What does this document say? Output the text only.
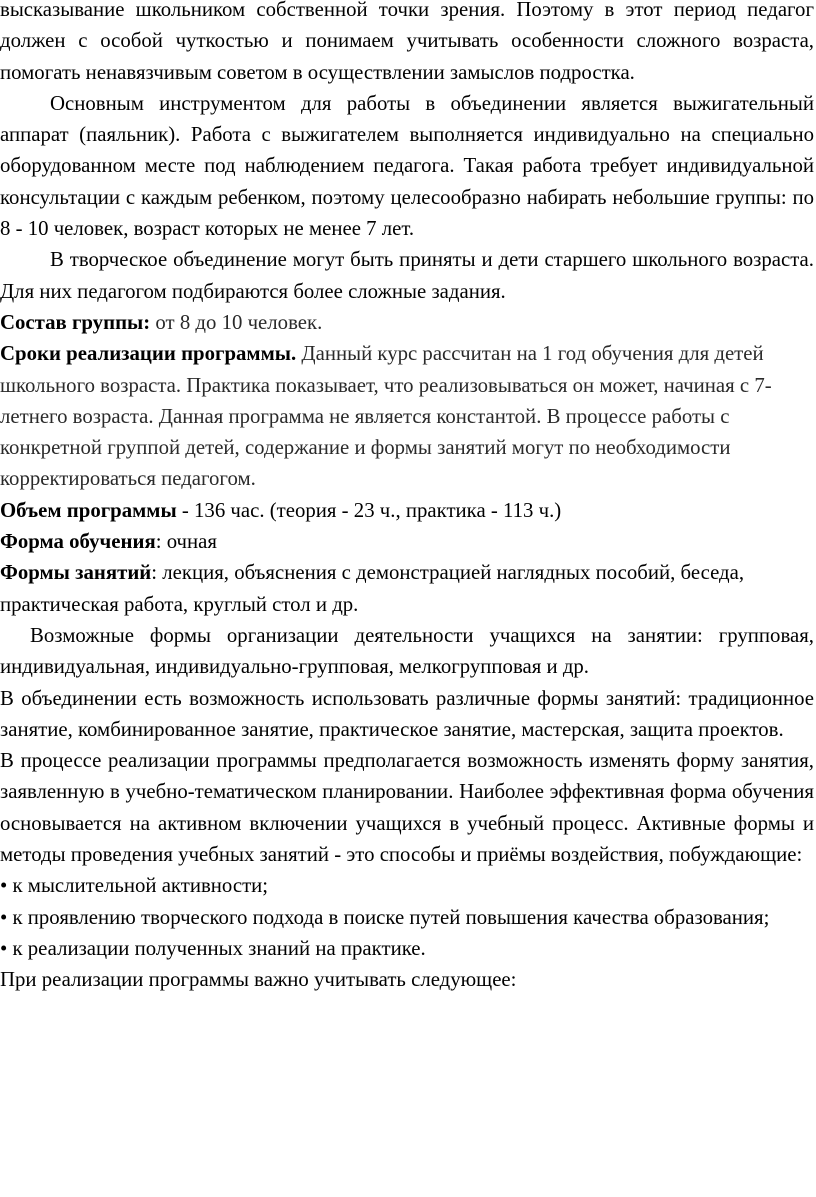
высказывание школьником собственной точки зрения. Поэтому в этот период педагог должен с особой чуткостью и понимаем учитывать особенности сложного возраста, помогать ненавязчивым советом в осуществлении замыслов подростка.

Основным инструментом для работы в объединении является выжигательный аппарат (паяльник). Работа с выжигателем выполняется индивидуально на специально оборудованном месте под наблюдением педагога. Такая работа требует индивидуальной консультации с каждым ребенком, поэтому целесообразно набирать небольшие группы: по 8 - 10 человек, возраст которых не менее 7 лет.

В творческое объединение могут быть приняты и дети старшего школьного возраста. Для них педагогом подбираются более сложные задания.

Состав группы: от 8 до 10 человек.

Сроки реализации программы. Данный курс рассчитан на 1 год обучения для детей школьного возраста. Практика показывает, что реализовываться он может, начиная с 7-летнего возраста. Данная программа не является константой. В процессе работы с конкретной группой детей, содержание и формы занятий могут по необходимости корректироваться педагогом.

Объем программы - 136 час. (теория - 23 ч., практика - 113 ч.)

Форма обучения: очная

Формы занятий: лекция, объяснения с демонстрацией наглядных пособий, беседа, практическая работа, круглый стол и др.

Возможные формы организации деятельности учащихся на занятии: групповая, индивидуальная, индивидуально-групповая, мелкогрупповая и др.

В объединении есть возможность использовать различные формы занятий: традиционное занятие, комбинированное занятие, практическое занятие, мастерская, защита проектов.

В процессе реализации программы предполагается возможность изменять форму занятия, заявленную в учебно-тематическом планировании. Наиболее эффективная форма обучения основывается на активном включении учащихся в учебный процесс. Активные формы и методы проведения учебных занятий - это способы и приёмы воздействия, побуждающие:

• к мыслительной активности;

• к проявлению творческого подхода в поиске путей повышения качества образования;

• к реализации полученных знаний на практике.

При реализации программы важно учитывать следующее:
